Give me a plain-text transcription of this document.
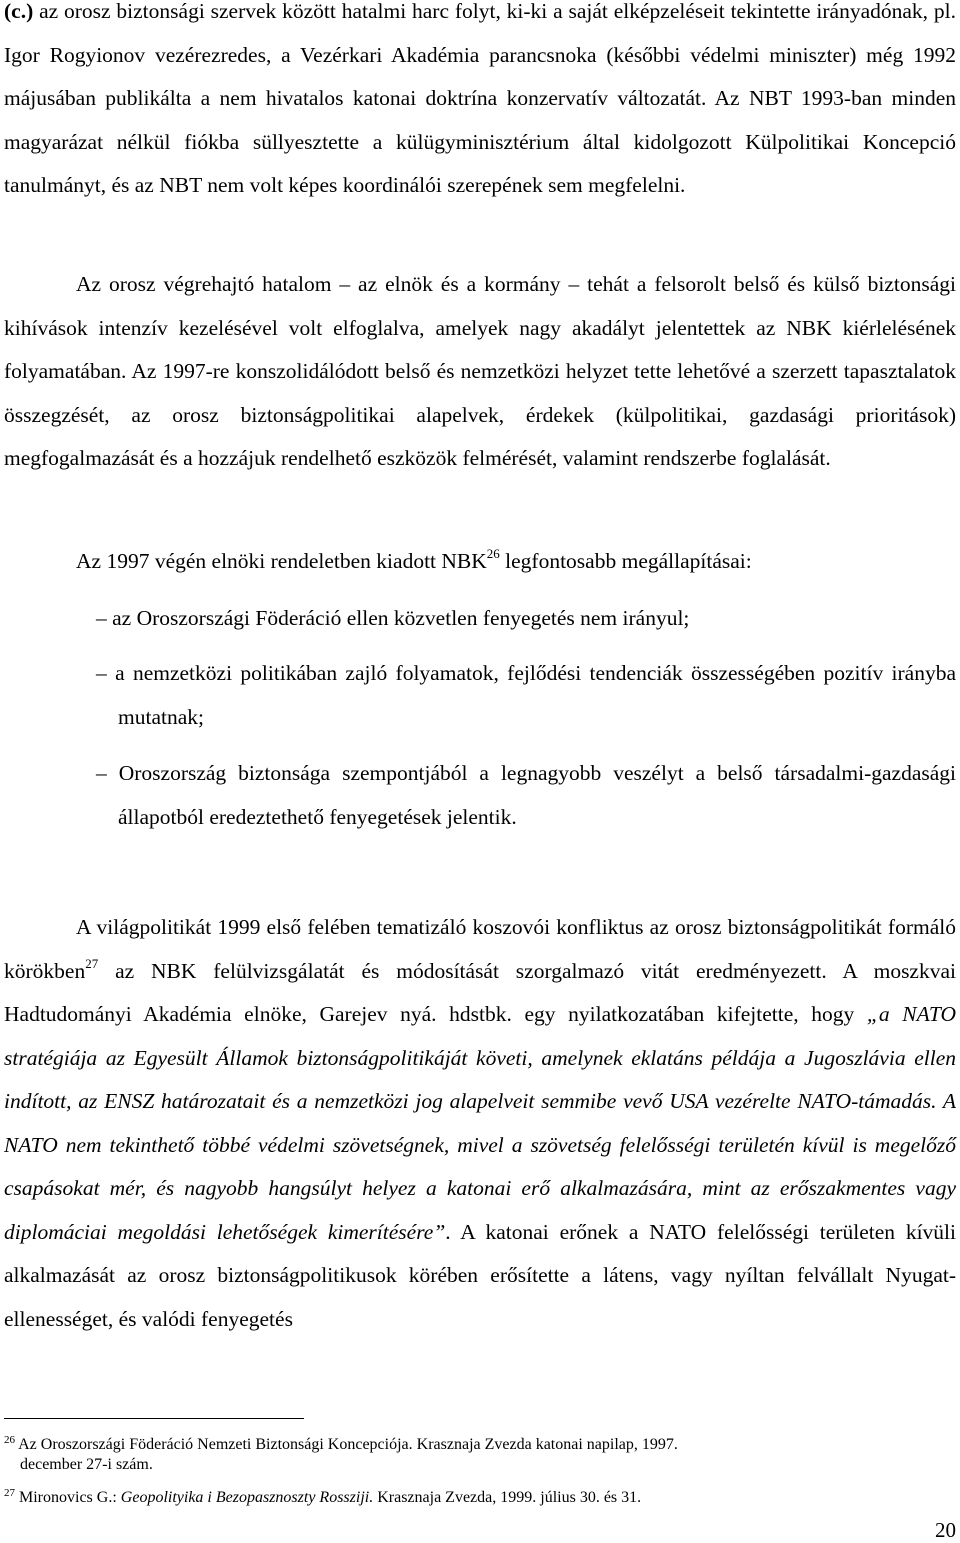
(c.) az orosz biztonsági szervek között hatalmi harc folyt, ki-ki a saját elképzeléseit tekintette irányadónak, pl. Igor Rogyionov vezérezredes, a Vezérkari Akadémia parancsnoka (későbbi védelmi miniszter) még 1992 májusában publikálta a nem hivatalos katonai doktrína konzervatív változatát. Az NBT 1993-ban minden magyarázat nélkül fiókba süllyesztette a külügyminisztérium által kidolgozott Külpolitikai Koncepció tanulmányt, és az NBT nem volt képes koordinálói szerepének sem megfelelni.

Az orosz végrehajtó hatalom – az elnök és a kormány – tehát a felsorolt belső és külső biztonsági kihívások intenzív kezelésével volt elfoglalva, amelyek nagy akadályt jelentettek az NBK kiérlelésének folyamatában. Az 1997-re konszolidálódott belső és nemzetközi helyzet tette lehetővé a szerzett tapasztalatok összegzését, az orosz biztonságpolitikai alapelvek, érdekek (külpolitikai, gazdasági prioritások) megfogalmazását és a hozzájuk rendelhető eszközök felmérését, valamint rendszerbe foglalását.

Az 1997 végén elnöki rendeletben kiadott NBK$^{26}$ legfontosabb megállapításai:

– az Oroszországi Föderáció ellen közvetlen fenyegetés nem irányul;

– a nemzetközi politikában zajló folyamatok, fejlődési tendenciák összességében pozitív irányba mutatnak;

– Oroszország biztonsága szempontjából a legnagyobb veszélyt a belső társadalmi-gazdasági állapotból eredeztethető fenyegetések jelentik.

A világpolitikát 1999 első felében tematizáló koszovói konfliktus az orosz biztonságpolitikát formáló körökben$^{27}$ az NBK felülvizsgálatát és módosítását szorgalmazó vitát eredményezett. A moszkvai Hadtudományi Akadémia elnöke, Garejev nyá. hdstbk. egy nyilatkozatában kifejtette, hogy „a NATO stratégiája az Egyesült Államok biztonságpolitikáját követi, amelynek eklatáns példája a Jugoszlávia ellen indított, az ENSZ határozatait és a nemzetközi jog alapelveit semmibe vevő USA vezérelte NATO-támadás. A NATO nem tekinthető többé védelmi szövetségnek, mivel a szövetség felelősségi területén kívül is megelőző csapásokat mér, és nagyobb hangsúlyt helyez a katonai erő alkalmazására, mint az erőszakmentes vagy diplomáciai megoldási lehetőségek kimerítésére”. A katonai erőnek a NATO felelősségi területen kívüli alkalmazását az orosz biztonságpolitikusok körében erősítette a látens, vagy nyíltan felvállalt Nyugat-ellenességet, és valódi fenyegetés

$^{26}$ Az Oroszországi Föderáció Nemzeti Biztonsági Koncepciója. Krasznaja Zvezda katonai napilap, 1997.
december 27-i szám.

$^{27}$ Mironovics G.: Geopolityika i Bezopasznoszty Rossziji. Krasznaja Zvezda, 1999. július 30. és 31.

20
